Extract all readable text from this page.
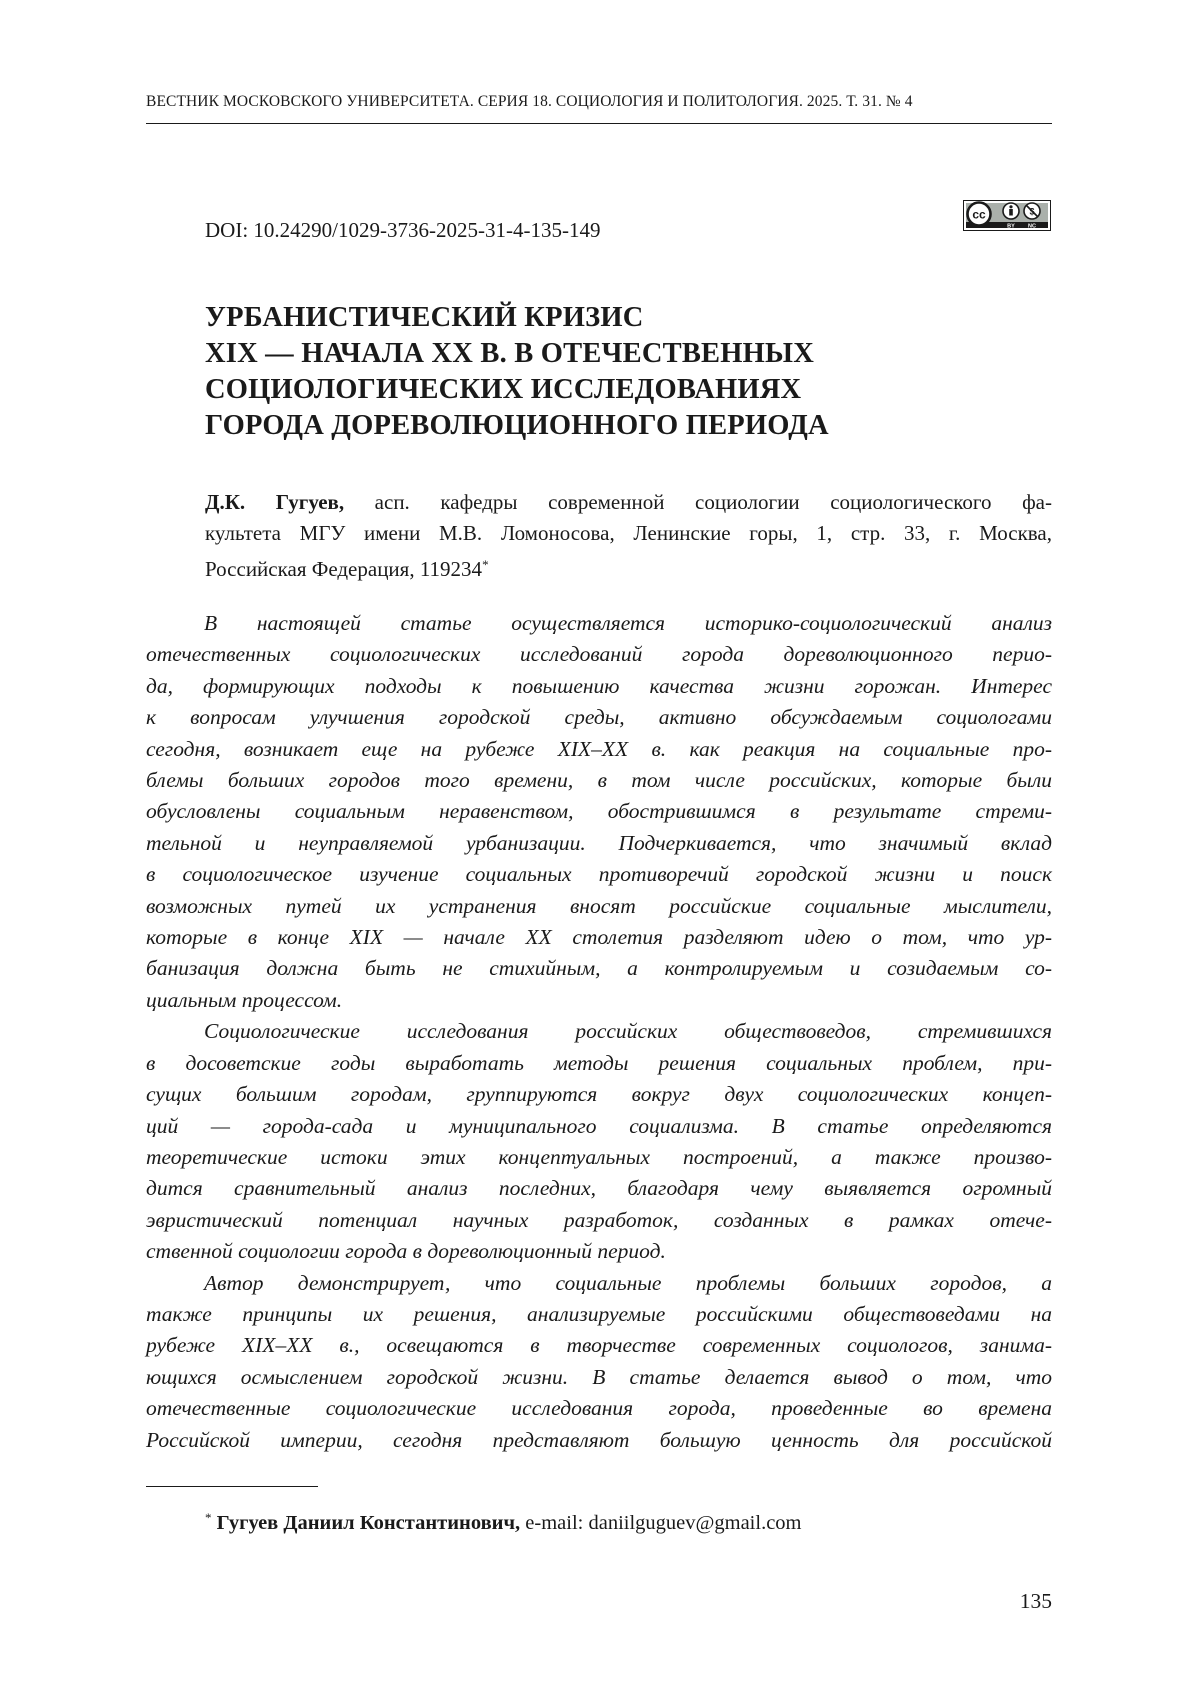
ВЕСТНИК МОСКОВСКОГО УНИВЕРСИТЕТА. СЕРИЯ 18. СОЦИОЛОГИЯ И ПОЛИТОЛОГИЯ. 2025. Т. 31. № 4
DOI: 10.24290/1029-3736-2025-31-4-135-149
cc	$
BY NC
УРБАНИСТИЧЕСКИЙ КРИЗИС
XIX — НАЧАЛА XX В. В ОТЕЧЕСТВЕННЫХ
СОЦИОЛОГИЧЕСКИХ ИССЛЕДОВАНИЯХ
ГОРОДА ДОРЕВОЛЮЦИОННОГО ПЕРИОДА

Д.К. Гугуев, асп. кафедры современной социологии социологического фа-
культета МГУ имени М.В. Ломоносова, Ленинские горы, 1, стр. 33, г. Москва,
Российская Федерация, 119234*

В настоящей статье осуществляется историко-социологический анализ
отечественных социологических исследований города дореволюционного перио-
да, формирующих подходы к повышению качества жизни горожан. Интерес
к вопросам улучшения городской среды, активно обсуждаемым социологами
сегодня, возникает еще на рубеже XIX–XX в. как реакция на социальные про-
блемы больших городов того времени, в том числе российских, которые были
обусловлены социальным неравенством, обострившимся в результате стреми-
тельной и неуправляемой урбанизации. Подчеркивается, что значимый вклад
в социологическое изучение социальных противоречий городской жизни и поиск
возможных путей их устранения вносят российские социальные мыслители,
которые в конце XIX — начале XX столетия разделяют идею о том, что ур-
банизация должна быть не стихийным, а контролируемым и созидаемым со-
циальным процессом.
Социологические исследования российских обществоведов, стремившихся
в досоветские годы выработать методы решения социальных проблем, при-
сущих большим городам, группируются вокруг двух социологических концеп-
ций — города-сада и муниципального социализма. В статье определяются
теоретические истоки этих концептуальных построений, а также произво-
дится сравнительный анализ последних, благодаря чему выявляется огромный
эвристический потенциал научных разработок, созданных в рамках отече-
ственной социологии города в дореволюционный период.
Автор демонстрирует, что социальные проблемы больших городов, а
также принципы их решения, анализируемые российскими обществоведами на
рубеже XIX–XX в., освещаются в творчестве современных социологов, занима-
ющихся осмыслением городской жизни. В статье делается вывод о том, что
отечественные социологические исследования города, проведенные во времена
Российской империи, сегодня представляют большую ценность для российской
* Гугуев Даниил Константинович, e-mail: daniilguguev@gmail.com
135
